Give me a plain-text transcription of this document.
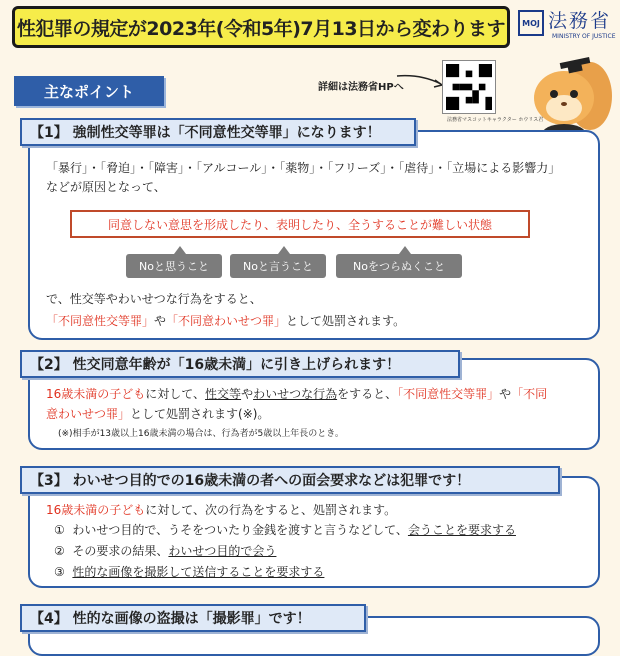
性犯罪の規定が2023年(令和5年)7月13日から変わります	MOJ 法務省
MINISTRY OF JUSTICE
主なポイント	詳細は法務省HPへ
法務省マスコットキャラクター ホウリス君
【1】 強制性交等罪は「不同意性交等罪」になります！
「暴行」・「脅迫」・「障害」・「アルコール」・「薬物」・「フリーズ」・「虐待」・「立場による影響力」
などが原因となって、
同意しない意思を形成したり、表明したり、全うすることが難しい状態
Noと思うこと	Noと言うこと	Noをつらぬくこと
で、性交等やわいせつな行為をすると、
「不同意性交等罪」や「不同意わいせつ罪」として処罰されます。
【2】 性交同意年齢が「16歳未満」に引き上げられます！
16歳未満の子どもに対して、性交等やわいせつな行為をすると、「不同意性交等罪」や「不同
意わいせつ罪」として処罰されます(※)。
(※)相手が13歳以上16歳未満の場合は、行為者が5歳以上年長のとき。
【3】 わいせつ目的での16歳未満の者への面会要求などは犯罪です！
16歳未満の子どもに対して、次の行為をすると、処罰されます。
① わいせつ目的で、うそをついたり金銭を渡すと言うなどして、会うことを要求する
② その要求の結果、わいせつ目的で会う
③ 性的な画像を撮影して送信することを要求する
【4】 性的な画像の盗撮は「撮影罪」です！
